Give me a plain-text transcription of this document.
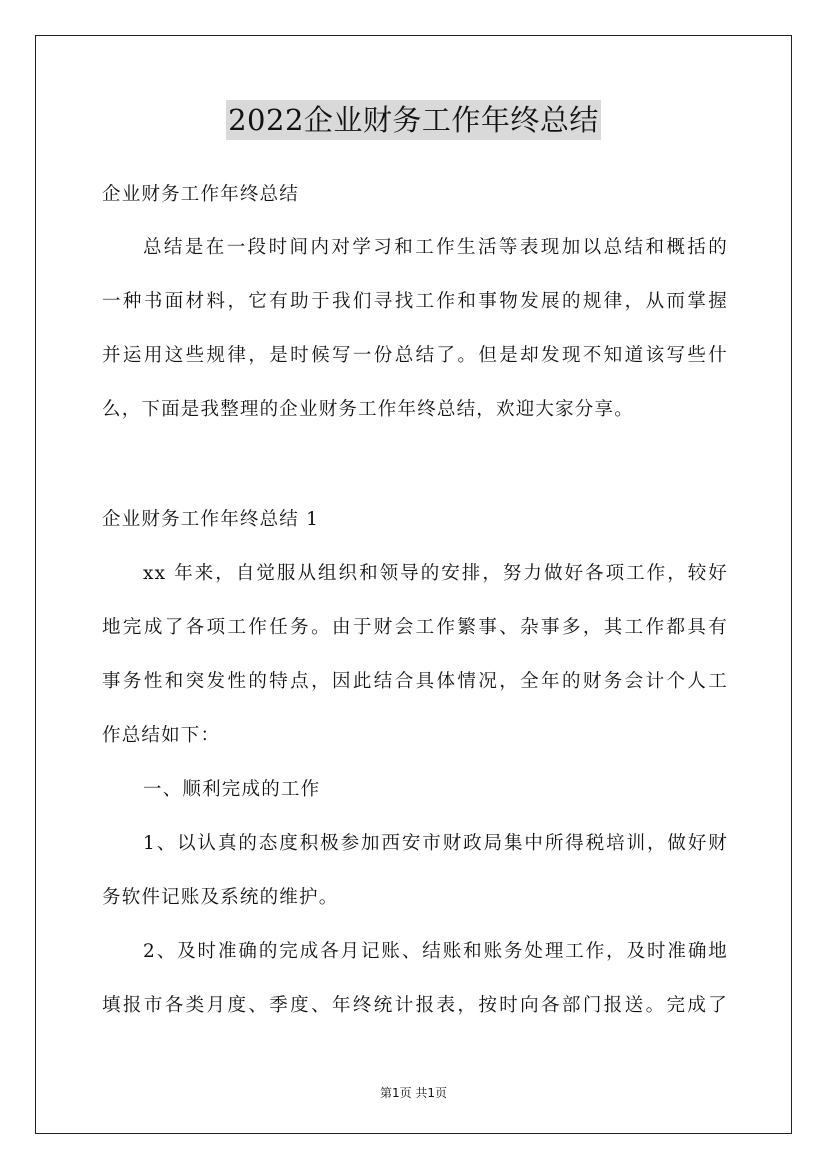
2022企业财务工作年终总结
企业财务工作年终总结
总结是在一段时间内对学习和工作生活等表现加以总结和概括的
一种书面材料，它有助于我们寻找工作和事物发展的规律，从而掌握
并运用这些规律，是时候写一份总结了。但是却发现不知道该写些什
么，下面是我整理的企业财务工作年终总结，欢迎大家分享。
企业财务工作年终总结 1
xx 年来，自觉服从组织和领导的安排，努力做好各项工作，较好
地完成了各项工作任务。由于财会工作繁事、杂事多，其工作都具有
事务性和突发性的特点，因此结合具体情况，全年的财务会计个人工
作总结如下：
一、顺利完成的工作
1、以认真的态度积极参加西安市财政局集中所得税培训，做好财
务软件记账及系统的维护。
2、及时准确的完成各月记账、结账和账务处理工作，及时准确地
填报市各类月度、季度、年终统计报表，按时向各部门报送。完成了
第1页 共1页
